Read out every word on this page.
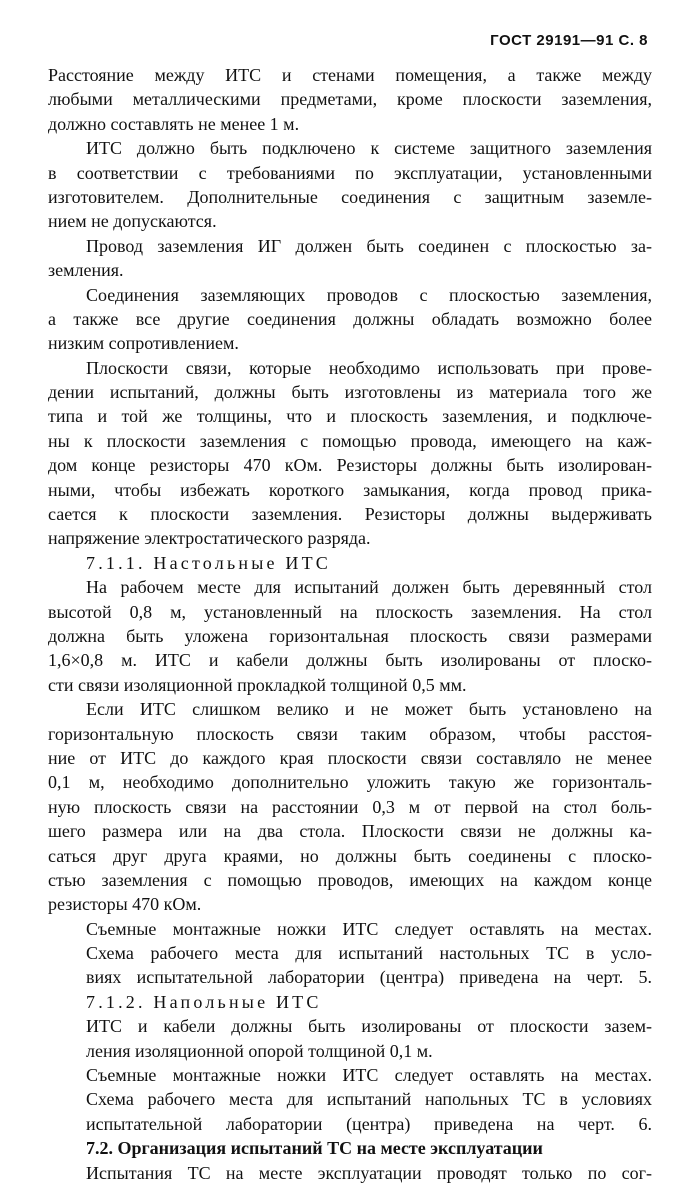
ГОСТ 29191—91 С. 8
Расстояние между ИТС и стенами помещения, а также между
любыми металлическими предметами, кроме плоскости заземления,
должно составлять не менее 1 м.
ИТС должно быть подключено к системе защитного заземления
в соответствии с требованиями по эксплуатации, установленными
изготовителем. Дополнительные соединения с защитным заземле-
нием не допускаются.
Провод заземления ИГ должен быть соединен с плоскостью за-
земления.
Соединения заземляющих проводов с плоскостью заземления,
а также все другие соединения должны обладать возможно более
низким сопротивлением.
Плоскости связи, которые необходимо использовать при прове-
дении испытаний, должны быть изготовлены из материала того же
типа и той же толщины, что и плоскость заземления, и подключе-
ны к плоскости заземления с помощью провода, имеющего на каж-
дом конце резисторы 470 кОм. Резисторы должны быть изолирован-
ными, чтобы избежать короткого замыкания, когда провод прика-
сается к плоскости заземления. Резисторы должны выдерживать
напряжение электростатического разряда.
7.1.1. Настольные ИТС
На рабочем месте для испытаний должен быть деревянный стол
высотой 0,8 м, установленный на плоскость заземления. На стол
должна быть уложена горизонтальная плоскость связи размерами
1,6×0,8 м. ИТС и кабели должны быть изолированы от плоско-
сти связи изоляционной прокладкой толщиной 0,5 мм.
Если ИТС слишком велико и не может быть установлено на
горизонтальную плоскость связи таким образом, чтобы расстоя-
ние от ИТС до каждого края плоскости связи составляло не менее
0,1 м, необходимо дополнительно уложить такую же горизонталь-
ную плоскость связи на расстоянии 0,3 м от первой на стол боль-
шего размера или на два стола. Плоскости связи не должны ка-
саться друг друга краями, но должны быть соединены с плоско-
стью заземления с помощью проводов, имеющих на каждом конце
резисторы 470 кОм.
Съемные монтажные ножки ИТС следует оставлять на местах.
Схема рабочего места для испытаний настольных ТС в усло-
виях испытательной лаборатории (центра) приведена на черт. 5.
7.1.2. Напольные ИТС
ИТС и кабели должны быть изолированы от плоскости зазем-
ления изоляционной опорой толщиной 0,1 м.
Съемные монтажные ножки ИТС следует оставлять на местах.
Схема рабочего места для испытаний напольных ТС в условиях
испытательной лаборатории (центра) приведена на черт. 6.
7.2. Организация испытаний ТС на месте эксплуатации
Испытания ТС на месте эксплуатации проводят только по сог-
